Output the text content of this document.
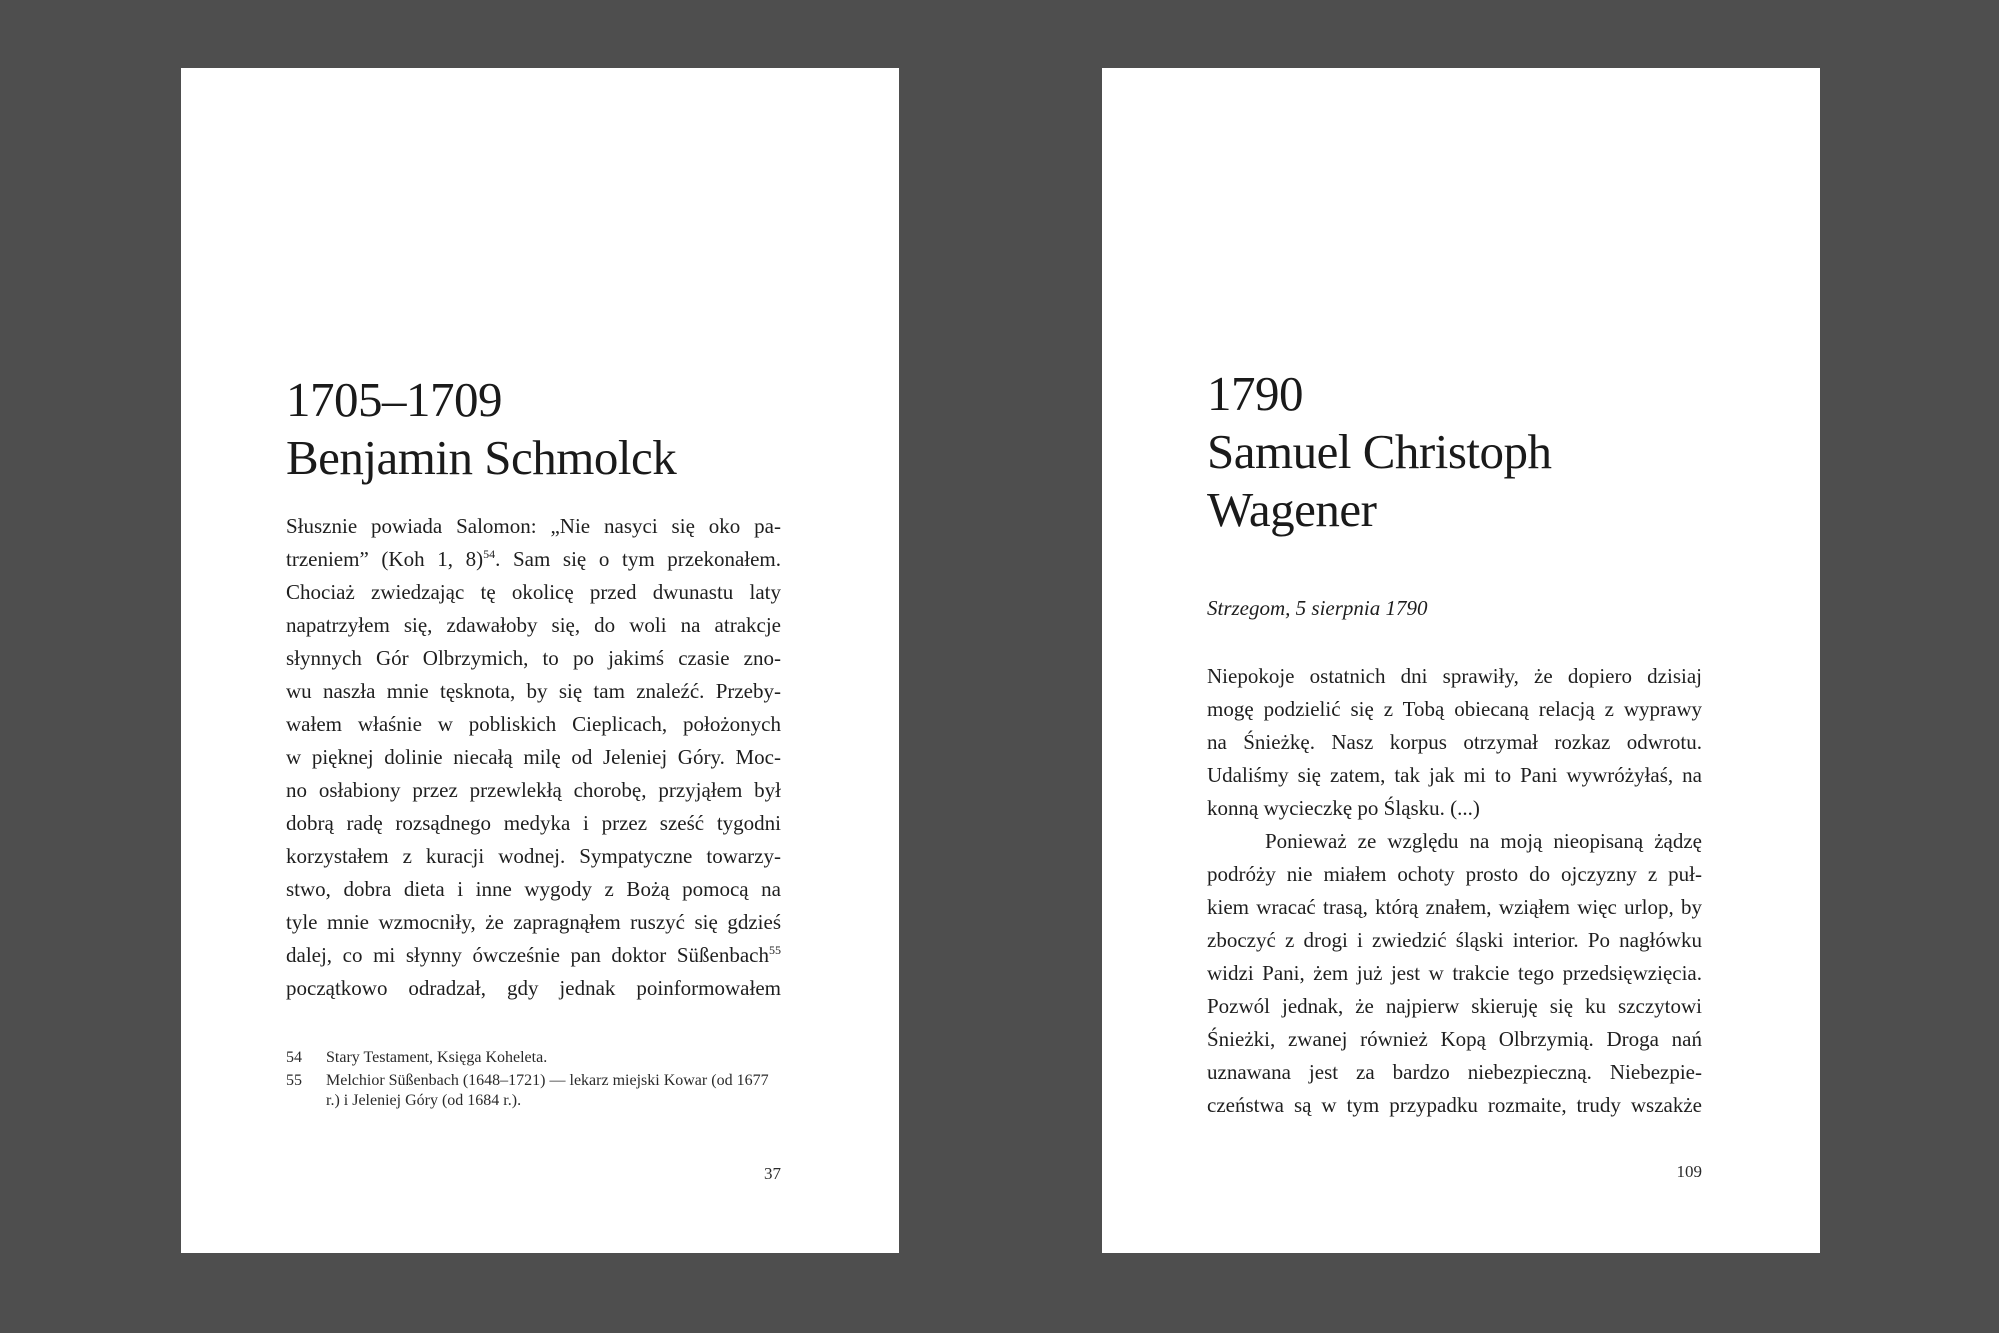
1705–1709
Benjamin Schmolck
Słusznie powiada Salomon: „Nie nasyci się oko pa-
trzeniem” (Koh 1, 8)$^{54}$. Sam się o tym przekonałem.
Chociaż zwiedzając tę okolicę przed dwunastu laty
napatrzyłem się, zdawałoby się, do woli na atrakcje
słynnych Gór Olbrzymich, to po jakimś czasie zno-
wu naszła mnie tęsknota, by się tam znaleźć. Przeby-
wałem właśnie w pobliskich Cieplicach, położonych
w pięknej dolinie niecałą milę od Jeleniej Góry. Moc-
no osłabiony przez przewlekłą chorobę, przyjąłem był
dobrą radę rozsądnego medyka i przez sześć tygodni
korzystałem z kuracji wodnej. Sympatyczne towarzy-
stwo, dobra dieta i inne wygody z Bożą pomocą na
tyle mnie wzmocniły, że zapragnąłem ruszyć się gdzieś
dalej, co mi słynny ówcześnie pan doktor Süßenbach$^{55}$
początkowo odradzał, gdy jednak poinformowałem
54	Stary Testament, Księga Koheleta.
55	Melchior Süßenbach (1648–1721) — lekarz miejski Kowar (od 1677 r.) i Jeleniej Góry (od 1684 r.).
37
1790
Samuel Christoph
Wagener
Strzegom, 5 sierpnia 1790
Niepokoje ostatnich dni sprawiły, że dopiero dzisiaj
mogę podzielić się z Tobą obiecaną relacją z wyprawy
na Śnieżkę. Nasz korpus otrzymał rozkaz odwrotu.
Udaliśmy się zatem, tak jak mi to Pani wywróżyłaś, na
konną wycieczkę po Śląsku. (...)
Ponieważ ze względu na moją nieopisaną żądzę
podróży nie miałem ochoty prosto do ojczyzny z puł-
kiem wracać trasą, którą znałem, wziąłem więc urlop, by
zboczyć z drogi i zwiedzić śląski interior. Po nagłówku
widzi Pani, żem już jest w trakcie tego przedsięwzięcia.
Pozwól jednak, że najpierw skieruję się ku szczytowi
Śnieżki, zwanej również Kopą Olbrzymią. Droga nań
uznawana jest za bardzo niebezpieczną. Niebezpie-
czeństwa są w tym przypadku rozmaite, trudy wszakże
109
